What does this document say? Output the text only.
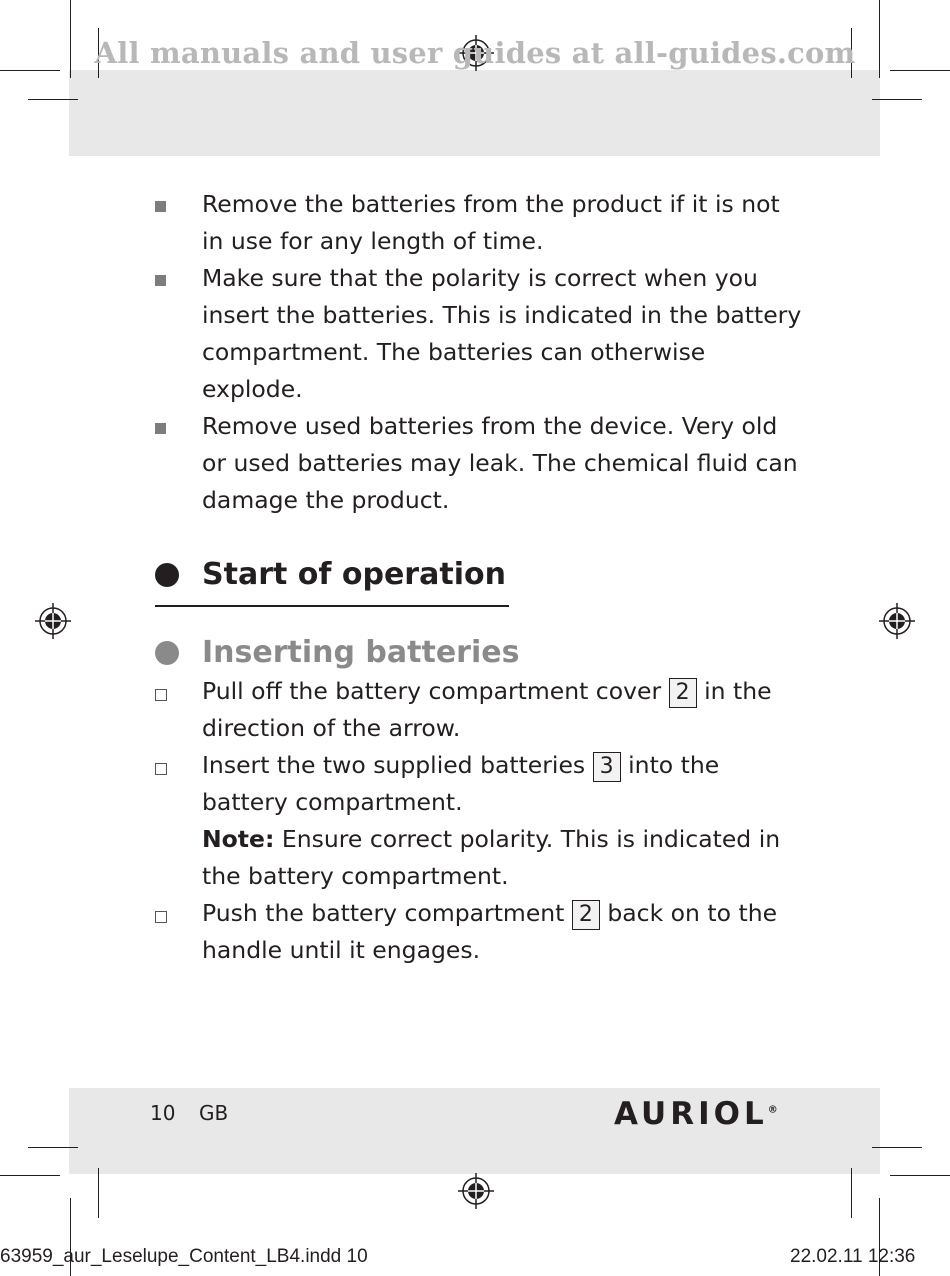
All manuals and user guides at all-guides.com
Remove the batteries from the product if it is not in use for any length of time.
Make sure that the polarity is correct when you insert the batteries. This is indicated in the battery compartment. The batteries can otherwise explode.
Remove used batteries from the device. Very old or used batteries may leak. The chemical fluid can damage the product.
Start of operation
Inserting batteries
Pull off the battery compartment cover 2 in the direction of the arrow.
Insert the two supplied batteries 3 into the battery compartment.
Note: Ensure correct polarity. This is indicated in the battery compartment.
Push the battery compartment 2 back on to the handle until it engages.
10 GB	AURIOL®
63959_aur_Leselupe_Content_LB4.indd 10	22.02.11 12:36
